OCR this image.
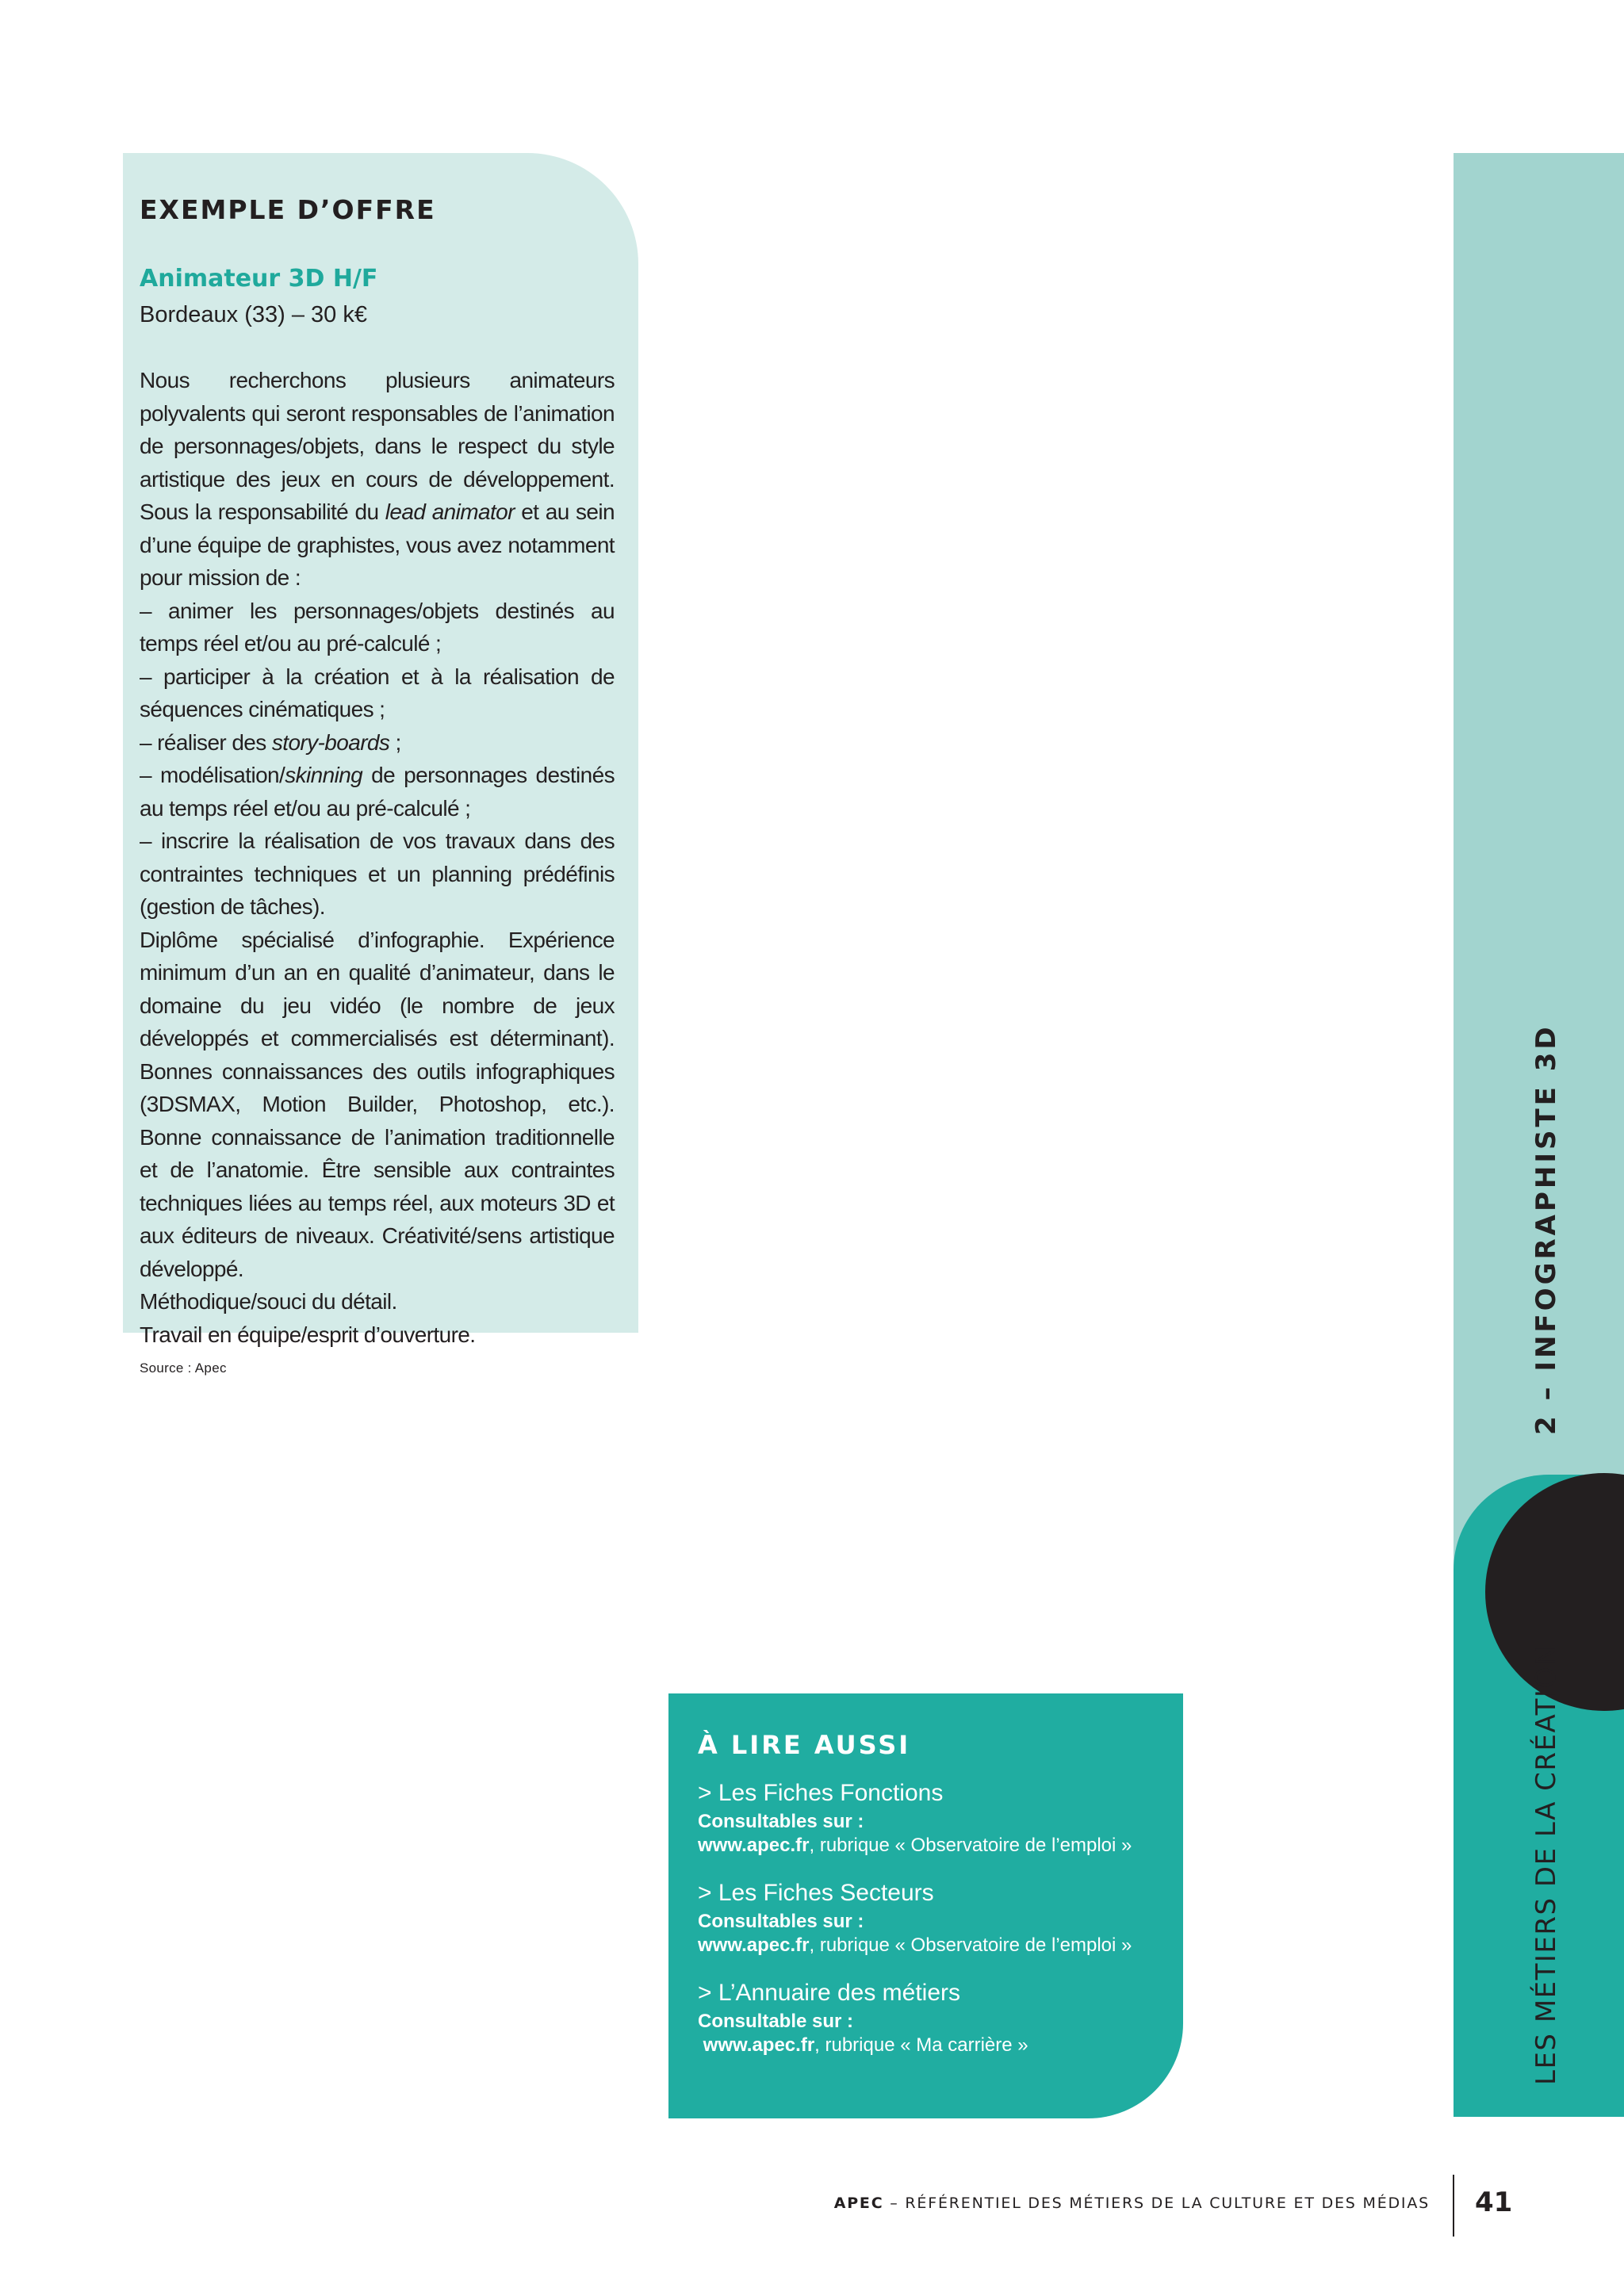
EXEMPLE D’OFFRE
Animateur 3D H/F
Bordeaux (33) – 30 k€

Nous recherchons plusieurs animateurs polyvalents qui seront responsables de l’animation de personnages/objets, dans le respect du style artistique des jeux en cours de développement. Sous la responsabilité du lead animator et au sein d’une équipe de graphistes, vous avez notamment pour mission de :

– animer les personnages/objets destinés au temps réel et/ou au pré-calculé ;

– participer à la création et à la réalisation de séquences cinématiques ;

– réaliser des story-boards ;

– modélisation/skinning de personnages destinés au temps réel et/ou au pré-calculé ;

– inscrire la réalisation de vos travaux dans des contraintes techniques et un planning prédéfinis (gestion de tâches).

Diplôme spécialisé d’infographie. Expérience minimum d’un an en qualité d’animateur, dans le domaine du jeu vidéo (le nombre de jeux développés et commercialisés est déterminant). Bonnes connaissances des outils infographiques (3DSMAX, Motion Builder, Photoshop, etc.). Bonne connaissance de l’animation traditionnelle et de l’anatomie. Être sensible aux contraintes techniques liées au temps réel, aux moteurs 3D et aux éditeurs de niveaux. Créativité/sens artistique développé.

Méthodique/souci du détail.

Travail en équipe/esprit d’ouverture.

Source : Apec
À LIRE AUSSI
> Les Fiches Fonctions
Consultables sur :
www.apec.fr, rubrique « Observatoire de l’emploi »
> Les Fiches Secteurs
Consultables sur :
www.apec.fr, rubrique « Observatoire de l’emploi »
> L’Annuaire des métiers
Consultable sur :
www.apec.fr, rubrique « Ma carrière »
2 – INFOGRAPHISTE 3D
LES MÉTIERS DE LA CRÉATION
APEC – RÉFÉRENTIEL DES MÉTIERS DE LA CULTURE ET DES MÉDIAS 41
